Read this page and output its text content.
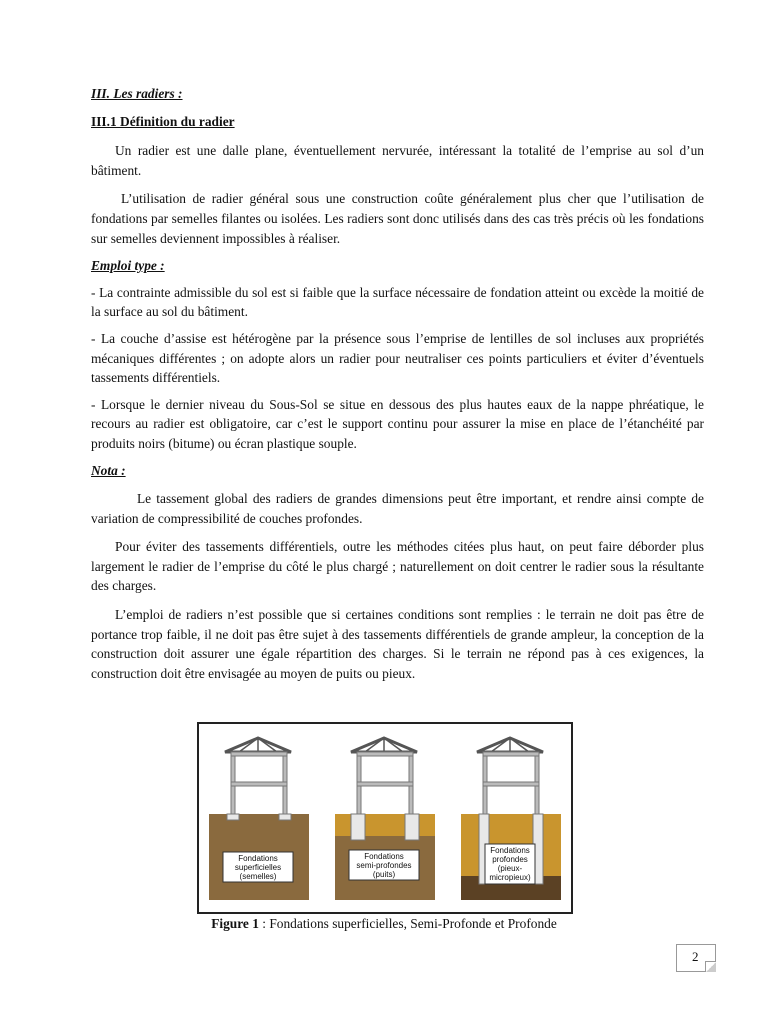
III. Les radiers :

III.1 Définition du radier

Un radier est une dalle plane, éventuellement nervurée, intéressant la totalité de l’emprise au sol d’un bâtiment.

L’utilisation de radier général sous une construction coûte généralement plus cher que l’utilisation de fondations par semelles filantes ou isolées. Les radiers sont donc utilisés dans des cas très précis où les fondations sur semelles deviennent impossibles à réaliser.

Emploi type :

- La contrainte admissible du sol est si faible que la surface nécessaire de fondation atteint ou excède la moitié de la surface au sol du bâtiment.

- La couche d’assise est hétérogène par la présence sous l’emprise de lentilles de sol incluses aux propriétés mécaniques différentes ; on adopte alors un radier pour neutraliser ces points particuliers et éviter d’éventuels tassements différentiels.

- Lorsque le dernier niveau du Sous-Sol se situe en dessous des plus hautes eaux de la nappe phréatique, le recours au radier est obligatoire, car c’est le support continu pour assurer la mise en place de l’étanchéité par produits noirs (bitume) ou écran plastique souple.

Nota :

Le tassement global des radiers de grandes dimensions peut être important, et rendre ainsi compte de variation de compressibilité de couches profondes.

Pour éviter des tassements différentiels, outre les méthodes citées plus haut, on peut faire déborder plus largement le radier de l’emprise du côté le plus chargé ; naturellement on doit centrer le radier sous la résultante des charges.

L’emploi de radiers n’est possible que si certaines conditions sont remplies : le terrain ne doit pas être de portance trop faible, il ne doit pas être sujet à des tassements différentiels de grande ampleur, la conception de la construction doit assurer une égale répartition des charges. Si le terrain ne répond pas à ces exigences, la construction doit être envisagée au moyen de puits ou pieux.

Fondations
superficielles
(semelles)
Fondations
semi-profondes
(puits)
Fondations
profondes
(pieux-
micropieux)
Figure 1 : Fondations superficielles, Semi-Profonde et Profonde
2
